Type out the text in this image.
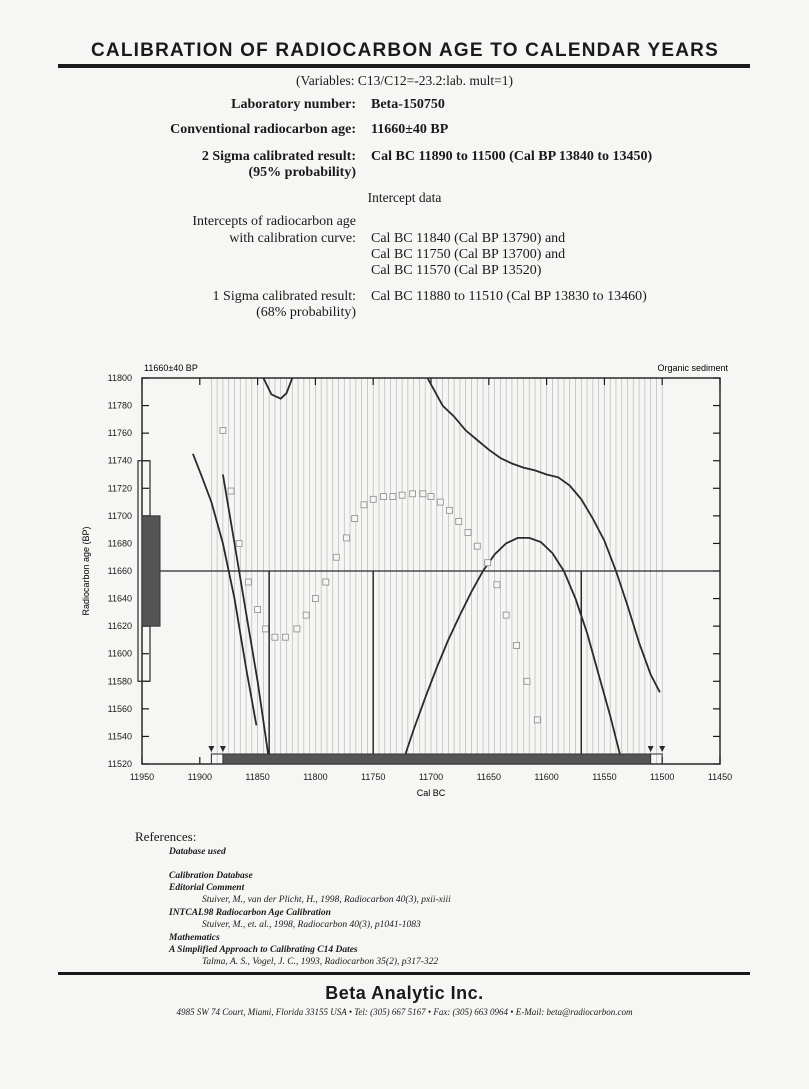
CALIBRATION OF RADIOCARBON AGE TO CALENDAR YEARS
(Variables: C13/C12=-23.2:lab. mult=1)
Laboratory number: Beta-150750
Conventional radiocarbon age: 11660±40 BP
2 Sigma calibrated result: Cal BC 11890 to 11500 (Cal BP 13840 to 13450)
(95% probability)
Intercept data
Intercepts of radiocarbon age
with calibration curve: Cal BC 11840 (Cal BP 13790) and
Cal BC 11750 (Cal BP 13700) and
Cal BC 11570 (Cal BP 13520)
1 Sigma calibrated result: Cal BC 11880 to 11510 (Cal BP 13830 to 13460)
(68% probability)
11950	11900	11850	11800	11750	11700	11650	11600	11550	11500	11450
11520
11540
11560
11580
11600
11620
11640
11660
11680
11700
11720
11740
11760
11780
11800
11660±40 BP	Organic sediment
Cal BC
Radiocarbon age (BP)
References:
Database used
Calibration Database
Editorial Comment
Stuiver, M., van der Plicht, H., 1998, Radiocarbon 40(3), pxii-xiii
INTCAL98 Radiocarbon Age Calibration
Stuiver, M., et. al., 1998, Radiocarbon 40(3), p1041-1083
Mathematics
A Simplified Approach to Calibrating C14 Dates
Talma, A. S., Vogel, J. C., 1993, Radiocarbon 35(2), p317-322
Beta Analytic Inc.
4985 SW 74 Court, Miami, Florida 33155 USA • Tel: (305) 667 5167 • Fax: (305) 663 0964 • E-Mail: beta@radiocarbon.com
